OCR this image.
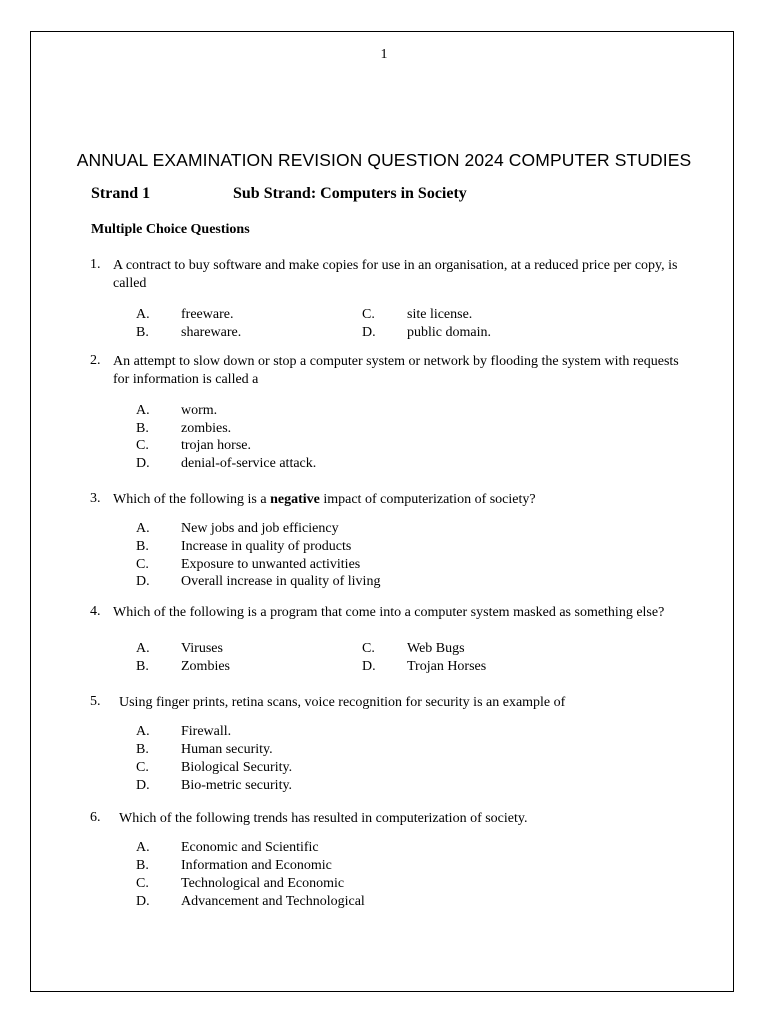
1
ANNUAL EXAMINATION REVISION QUESTION 2024 COMPUTER STUDIES
Strand 1	Sub Strand: Computers in Society
Multiple Choice Questions
1. A contract to buy software and make copies for use in an organisation, at a reduced price per copy, is called
A. freeware.
B. shareware.
C. site license.
D. public domain.
2. An attempt to slow down or stop a computer system or network by flooding the system with requests for information is called a
A. worm.
B. zombies.
C. trojan horse.
D. denial-of-service attack.
3. Which of the following is a negative impact of computerization of society?
A. New jobs and job efficiency
B. Increase in quality of products
C. Exposure to unwanted activities
D. Overall increase in quality of living
4. Which of the following is a program that come into a computer system masked as something else?
A. Viruses
B. Zombies
C. Web Bugs
D. Trojan Horses
5. Using finger prints, retina scans, voice recognition for security is an example of
A. Firewall.
B. Human security.
C. Biological Security.
D. Bio-metric security.
6. Which of the following trends has resulted in computerization of society.
A. Economic and Scientific
B. Information and Economic
C. Technological and Economic
D. Advancement and Technological
